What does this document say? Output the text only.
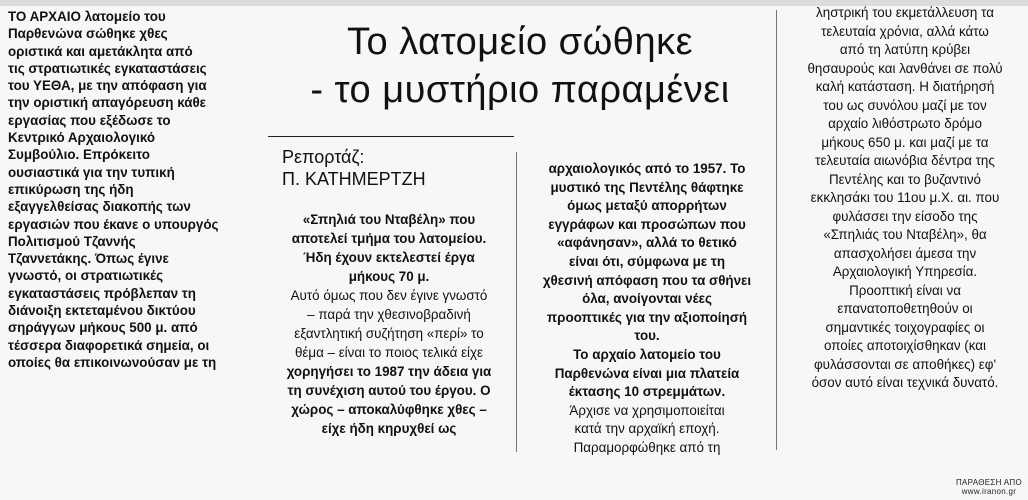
Το λατομείο σώθηκε
- το μυστήριο παραμένει
Ρεπορτάζ:
Π. ΚΑΤΗΜΕΡΤΖΗ
ΤΟ ΑΡΧΑΙΟ λατομείο του
Παρθενώνα σώθηκε χθες
οριστικά και αμετάκλητα από
τις στρατιωτικές εγκαταστάσεις
του ΥΕΘΑ, με την απόφαση για
την οριστική απαγόρευση κάθε
εργασίας που εξέδωσε το
Κεντρικό Αρχαιολογικό
Συμβούλιο. Επρόκειτο
ουσιαστικά για την τυπική
επικύρωση της ήδη
εξαγγελθείσας διακοπής των
εργασιών που έκανε ο υπουργός
Πολιτισμού Τζαννής
Τζαννετάκης. Όπως έγινε
γνωστό, οι στρατιωτικές
εγκαταστάσεις πρόβλεπαν τη
διάνοιξη εκτεταμένου δικτύου
σηράγγων μήκους 500 μ. από
τέσσερα διαφορετικά σημεία, οι
οποίες θα επικοινωνούσαν με τη
«Σπηλιά του Νταβέλη» που
αποτελεί τμήμα του λατομείου.
Ήδη έχουν εκτελεστεί έργα
μήκους 70 μ.
Αυτό όμως που δεν έγινε γνωστό
– παρά την χθεσινοβραδινή
εξαντλητική συζήτηση «περί» το
θέμα – είναι το ποιος τελικά είχε
χορηγήσει το 1987 την άδεια για
τη συνέχιση αυτού του έργου. Ο
χώρος – αποκαλύφθηκε χθες –
είχε ήδη κηρυχθεί ως
αρχαιολογικός από το 1957. Το
μυστικό της Πεντέλης θάφτηκε
όμως μεταξύ απορρήτων
εγγράφων και προσώπων που
«αφάνησαν», αλλά το θετικό
είναι ότι, σύμφωνα με τη
χθεσινή απόφαση που τα σθήνει
όλα, ανοίγονται νέες
προοπτικές για την αξιοποίησή
του.
Το αρχαίο λατομείο του
Παρθενώνα είναι μια πλατεία
έκτασης 10 στρεμμάτων.
Άρχισε να χρησιμοποιείται
κατά την αρχαϊκή εποχή.
Παραμορφώθηκε από τη
ληστρική του εκμετάλλευση τα
τελευταία χρόνια, αλλά κάτω
από τη λατύπη κρύβει
θησαυρούς και λανθάνει σε πολύ
καλή κατάσταση. Η διατήρησή
του ως συνόλου μαζί με τον
αρχαίο λιθόστρωτο δρόμο
μήκους 650 μ. και μαζί με τα
τελευταία αιωνόβια δέντρα της
Πεντέλης και το βυζαντινό
εκκλησάκι του 11ου μ.Χ. αι. που
φυλάσσει την είσοδο της
«Σπηλιάς του Νταβέλη», θα
απασχολήσει άμεσα την
Αρχαιολογική Υπηρεσία.
Προοπτική είναι να
επανατοποθετηθούν οι
σημαντικές τοιχογραφίες οι
οποίες αποτοιχίσθηκαν (και
φυλάσσονται σε αποθήκες) εφ'
όσον αυτό είναι τεχνικά δυνατό.
ΠΑΡΑΘΕΣΗ ΑΠΟ
www.iranon.gr
